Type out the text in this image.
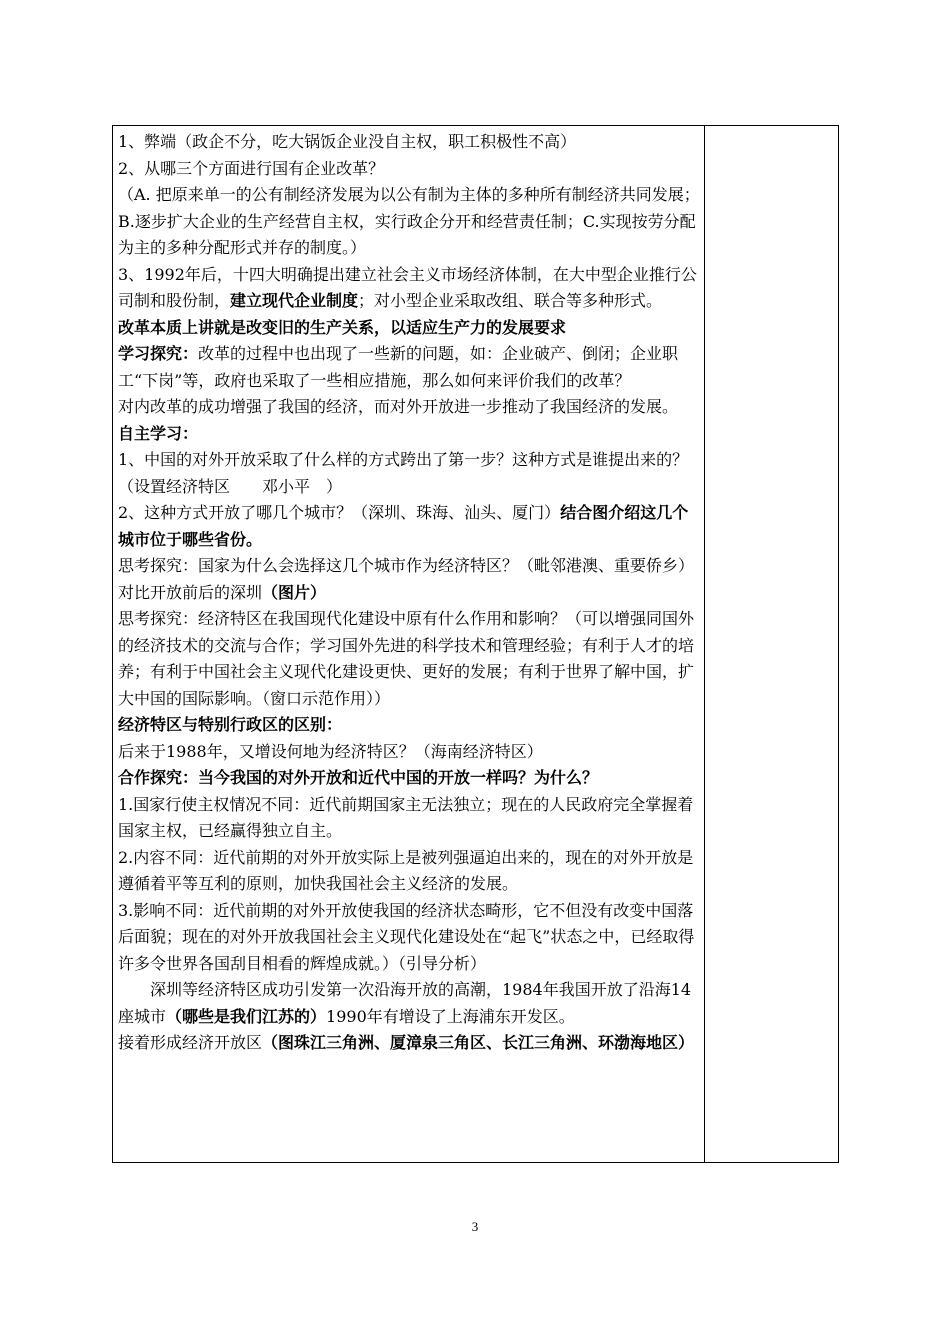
1、弊端（政企不分，吃大锅饭企业没自主权，职工积极性不高）

2、从哪三个方面进行国有企业改革？

（A. 把原来单一的公有制经济发展为以公有制为主体的多种所有制经济共同发展；B.逐步扩大企业的生产经营自主权，实行政企分开和经营责任制；C.实现按劳分配为主的多种分配形式并存的制度。）

3、1992年后，十四大明确提出建立社会主义市场经济体制，在大中型企业推行公司制和股份制，建立现代企业制度；对小型企业采取改组、联合等多种形式。

改革本质上讲就是改变旧的生产关系，以适应生产力的发展要求

学习探究：改革的过程中也出现了一些新的问题，如：企业破产、倒闭；企业职工“下岗”等，政府也采取了一些相应措施，那么如何来评价我们的改革？

对内改革的成功增强了我国的经济，而对外开放进一步推动了我国经济的发展。

自主学习：

1、中国的对外开放采取了什么样的方式跨出了第一步？这种方式是谁提出来的？（设置经济特区　　邓小平　）

2、这种方式开放了哪几个城市？（深圳、珠海、汕头、厦门）结合图介绍这几个城市位于哪些省份。

思考探究：国家为什么会选择这几个城市作为经济特区？（毗邻港澳、重要侨乡）对比开放前后的深圳（图片）

思考探究：经济特区在我国现代化建设中原有什么作用和影响？（可以增强同国外的经济技术的交流与合作；学习国外先进的科学技术和管理经验；有利于人才的培养；有利于中国社会主义现代化建设更快、更好的发展；有利于世界了解中国，扩大中国的国际影响。（窗口示范作用））

经济特区与特别行政区的区别：

后来于1988年，又增设何地为经济特区？（海南经济特区）

合作探究：当今我国的对外开放和近代中国的开放一样吗？为什么？

1.国家行使主权情况不同：近代前期国家主无法独立；现在的人民政府完全掌握着国家主权，已经赢得独立自主。

2.内容不同：近代前期的对外开放实际上是被列强逼迫出来的，现在的对外开放是遵循着平等互利的原则，加快我国社会主义经济的发展。

3.影响不同：近代前期的对外开放使我国的经济状态畸形，它不但没有改变中国落后面貌；现在的对外开放我国社会主义现代化建设处在“起飞”状态之中，已经取得许多令世界各国刮目相看的辉煌成就。）（引导分析）

深圳等经济特区成功引发第一次沿海开放的高潮，1984年我国开放了沿海14座城市（哪些是我们江苏的）1990年有增设了上海浦东开发区。

接着形成经济开放区（图珠江三角洲、厦漳泉三角区、长江三角洲、环渤海地区）

3
